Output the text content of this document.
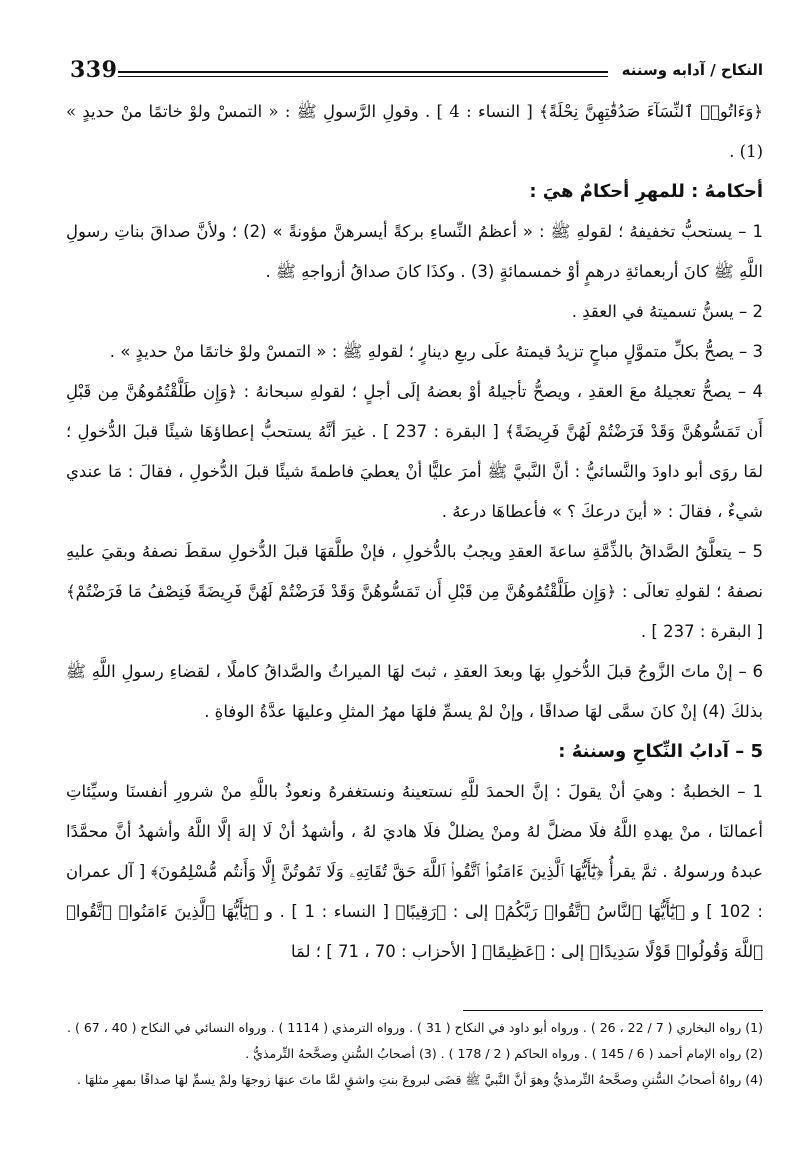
339	النكاح / آدابه وسننه

﴿وَءَاتُوا۟ ٱلنِّسَآءَ صَدُقَٰتِهِنَّ نِحْلَةً﴾ [ النساء : 4 ] . وقولِ الرَّسولِ ﷺ : « التمسْ ولوْ خاتمًا منْ حديدٍ » (1) .

أحكامهُ : للمهرِ أحكامٌ هيَ :

1 – يستحبُّ تخفيفهُ ؛ لقولهِ ﷺ : « أعظمُ النِّساءِ بركةً أيسرهنَّ مؤونةً » (2) ؛ ولأنَّ صداقَ بناتِ رسولِ اللَّهِ ﷺ كانَ أربعمائةِ درهمٍ أوْ خمسمائةٍ (3) . وكذَا كانَ صداقُ أزواجهِ ﷺ .

2 – يسنُّ تسميتهُ في العقدِ .

3 – يصحُّ بكلِّ متموَّلٍ مباحٍ تزيدُ قيمتهُ علَى ربعِ دينارٍ ؛ لقولهِ ﷺ : « التمسْ ولوْ خاتمًا منْ حديدٍ » .

4 – يصحُّ تعجيلهُ معَ العقدِ ، ويصحُّ تأجيلهُ أوْ بعضهُ إلَى أجلٍ ؛ لقولهِ سبحانهُ : ﴿وَإِن طَلَّقْتُمُوهُنَّ مِن قَبْلِ أَن تَمَسُّوهُنَّ وَقَدْ فَرَضْتُمْ لَهُنَّ فَرِيضَةً﴾ [ البقرة : 237 ] . غيرَ أنَّهُ يستحبُّ إعطاؤهَا شيئًا قبلَ الدُّخولِ ؛ لمَا روَى أبو داودَ والنَّسائيُّ : أنَّ النَّبيَّ ﷺ أمرَ عليًّا أنْ يعطيَ فاطمةَ شيئًا قبلَ الدُّخولِ ، فقالَ : مَا عندي شيءٌ ، فقالَ : « أينَ درعكَ ؟ » فأعطاهَا درعهُ .

5 – يتعلَّقُ الصَّداقُ بالذِّمَّةِ ساعةَ العقدِ ويجبُ بالدُّخولِ ، فإنْ طلَّقهَا قبلَ الدُّخولِ سقطَ نصفهُ وبقيَ عليهِ نصفهُ ؛ لقولهِ تعالَى : ﴿وَإِن طَلَّقْتُمُوهُنَّ مِن قَبْلِ أَن تَمَسُّوهُنَّ وَقَدْ فَرَضْتُمْ لَهُنَّ فَرِيضَةً فَنِصْفُ مَا فَرَضْتُمْ﴾ [ البقرة : 237 ] .

6 – إنْ ماتَ الزَّوجُ قبلَ الدُّخولِ بهَا وبعدَ العقدِ ، ثبتَ لهَا الميراثُ والصَّداقُ كاملًا ، لقضاءِ رسولِ اللَّهِ ﷺ بذلكَ (4) إنْ كانَ سمَّى لهَا صداقًا ، وإنْ لمْ يسمِّ فلهَا مهرُ المثلِ وعليهَا عدَّةُ الوفاةِ .

5 – آدابُ النِّكاحِ وسننهُ :

1 – الخطبةُ : وهيَ أنْ يقولَ : إنَّ الحمدَ للَّهِ نستعينهُ ونستغفرهُ ونعوذُ باللَّهِ منْ شرورِ أنفسنَا وسيِّئاتِ أعمالنَا ، منْ يهدهِ اللَّهُ فلَا مضلَّ لهُ ومنْ يضللْ فلَا هاديَ لهُ ، وأشهدُ أنْ لَا إلهَ إلَّا اللَّهُ وأشهدُ أنَّ محمَّدًا عبدهُ ورسولهُ . ثمَّ يقرأُ ﴿يَٰٓأَيُّهَا ٱلَّذِينَ ءَامَنُوا۟ ٱتَّقُوا۟ ٱللَّهَ حَقَّ تُقَاتِهِۦ وَلَا تَمُوتُنَّ إِلَّا وَأَنتُم مُّسْلِمُونَ﴾ [ آل عمران : 102 ] و ﴿يَٰٓأَيُّهَا ٱلنَّاسُ ٱتَّقُوا۟ رَبَّكُمُ﴾ إلى : ﴿رَقِيبًا﴾ [ النساء : 1 ] . و ﴿يَٰٓأَيُّهَا ٱلَّذِينَ ءَامَنُوا۟ ٱتَّقُوا۟ ٱللَّهَ وَقُولُوا۟ قَوْلًا سَدِيدًا﴾ إلى : ﴿عَظِيمًا﴾ [ الأحزاب : 70 ، 71 ] ؛ لمَا

(1) رواه البخاري ( 7 / 22 ، 26 ) . ورواه أبو داود في النكاح ( 31 ) . ورواه الترمذي ( 1114 ) . ورواه النسائي في النكاح ( 40 ، 67 ) .

(2) رواه الإمام أحمد ( 6 / 145 ) . ورواه الحاكم ( 2 / 178 ) . (3) أصحابُ السُّننِ وصحَّحهُ التِّرمذيُّ .

(4) رواهُ أصحابُ السُّننِ وصحَّحهُ التِّرمذيُّ وهوَ أنَّ النَّبيَّ ﷺ قضَى لبروعَ بنتِ واشقٍ لمَّا ماتَ عنهَا زوجهَا ولمْ يسمِّ لهَا صداقًا بمهرِ مثلهَا .
